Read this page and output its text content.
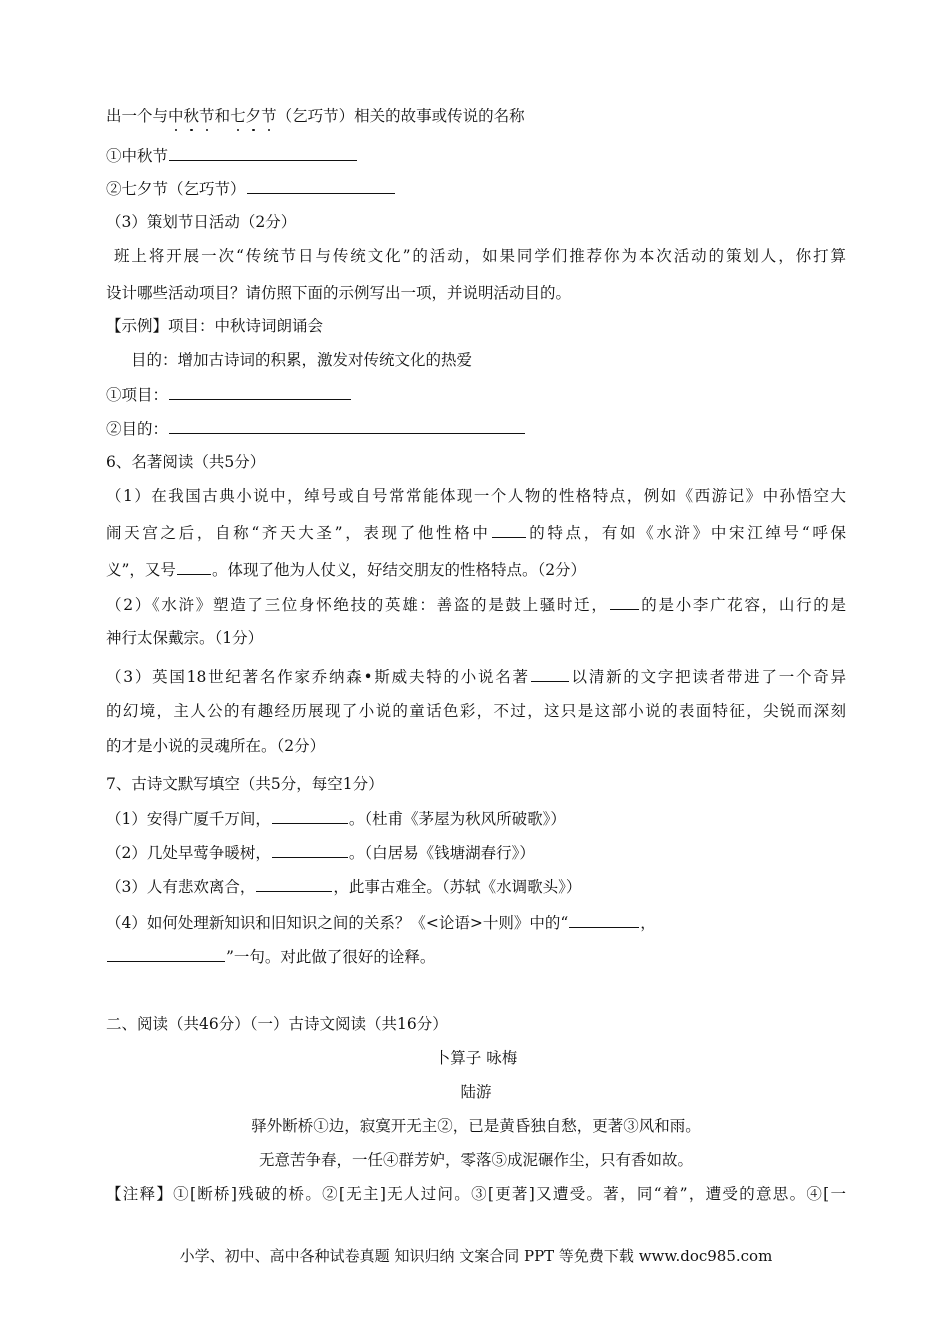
出一个与中秋节和七夕节（乞巧节）相关的故事或传说的名称
①中秋节
②七夕节（乞巧节）
（3）策划节日活动（2分）
班上将开展一次“传统节日与传统文化”的活动，如果同学们推荐你为本次活动的策划人，你打算
设计哪些活动项目？请仿照下面的示例写出一项，并说明活动目的。
【示例】项目：中秋诗词朗诵会
目的：增加古诗词的积累，激发对传统文化的热爱
①项目：
②目的：
6、名著阅读（共5分）
（1）在我国古典小说中，绰号或自号常常能体现一个人物的性格特点，例如《西游记》中孙悟空大
闹天宫之后，自称“齐天大圣”，表现了他性格中 的特点，有如《水浒》中宋江绰号“呼保
义”，又号 。体现了他为人仗义，好结交朋友的性格特点。（2分）
（2）《水浒》塑造了三位身怀绝技的英雄：善盗的是鼓上骚时迁， 的是小李广花容，山行的是
神行太保戴宗。（1分）
（3）英国18世纪著名作家乔纳森•斯威夫特的小说名著	以清新的文字把读者带进了一个奇异
的幻境，主人公的有趣经历展现了小说的童话色彩，不过，这只是这部小说的表面特征，尖锐而深刻
的才是小说的灵魂所在。（2分）
7、古诗文默写填空（共5分，每空1分）
（1）安得广厦千万间，	。（杜甫《茅屋为秋风所破歌》）
（2）几处早莺争暖树，	。（白居易《钱塘湖春行》）
（3）人有悲欢离合，	，此事古难全。（苏轼《水调歌头》）
（4）如何处理新知识和旧知识之间的关系？《<论语>十则》中的“	，
”一句。对此做了很好的诠释。
二、阅读（共46分）（一）古诗文阅读（共16分）
卜算子 咏梅
陆游
驿外断桥①边，寂寞开无主②，已是黄昏独自愁，更著③风和雨。
无意苦争春，一任④群芳妒，零落⑤成泥碾作尘，只有香如故。
【注释】①[断桥]残破的桥。②[无主]无人过问。③[更著]又遭受。著，同“着”，遭受的意思。④[一
小学、初中、高中各种试卷真题 知识归纳 文案合同 PPT 等免费下载 www.doc985.com
